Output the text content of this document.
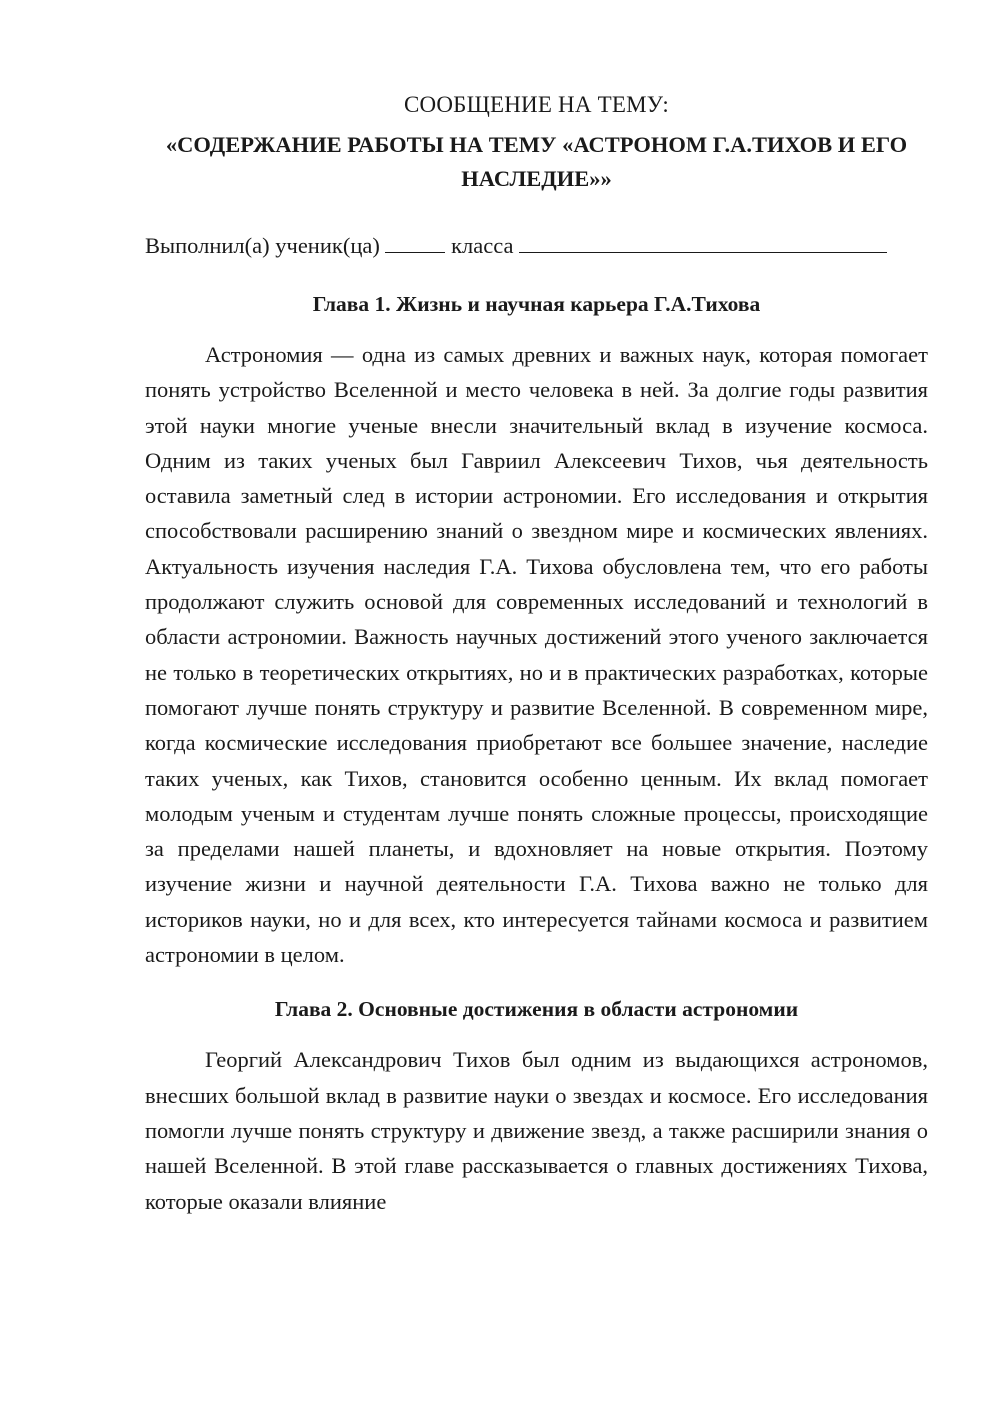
СООБЩЕНИЕ НА ТЕМУ:
«СОДЕРЖАНИЕ РАБОТЫ НА ТЕМУ «АСТРОНОМ Г.А.ТИХОВ И ЕГО НАСЛЕДИЕ»»
Выполнил(а) ученик(ца)	класса
Глава 1. Жизнь и научная карьера Г.А.Тихова

Астрономия — одна из самых древних и важных наук, которая помогает понять устройство Вселенной и место человека в ней. За долгие годы развития этой науки многие ученые внесли значительный вклад в изучение космоса. Одним из таких ученых был Гавриил Алексеевич Тихов, чья деятельность оставила заметный след в истории астрономии. Его исследования и открытия способствовали расширению знаний о звездном мире и космических явлениях. Актуальность изучения наследия Г.А. Тихова обусловлена тем, что его работы продолжают служить основой для современных исследований и технологий в области астрономии. Важность научных достижений этого ученого заключается не только в теоретических открытиях, но и в практических разработках, которые помогают лучше понять структуру и развитие Вселенной. В современном мире, когда космические исследования приобретают все большее значение, наследие таких ученых, как Тихов, становится особенно ценным. Их вклад помогает молодым ученым и студентам лучше понять сложные процессы, происходящие за пределами нашей планеты, и вдохновляет на новые открытия. Поэтому изучение жизни и научной деятельности Г.А. Тихова важно не только для историков науки, но и для всех, кто интересуется тайнами космоса и развитием астрономии в целом.

Глава 2. Основные достижения в области астрономии

Георгий Александрович Тихов был одним из выдающихся астрономов, внесших большой вклад в развитие науки о звездах и космосе. Его исследования помогли лучше понять структуру и движение звезд, а также расширили знания о нашей Вселенной. В этой главе рассказывается о главных достижениях Тихова, которые оказали влияние
